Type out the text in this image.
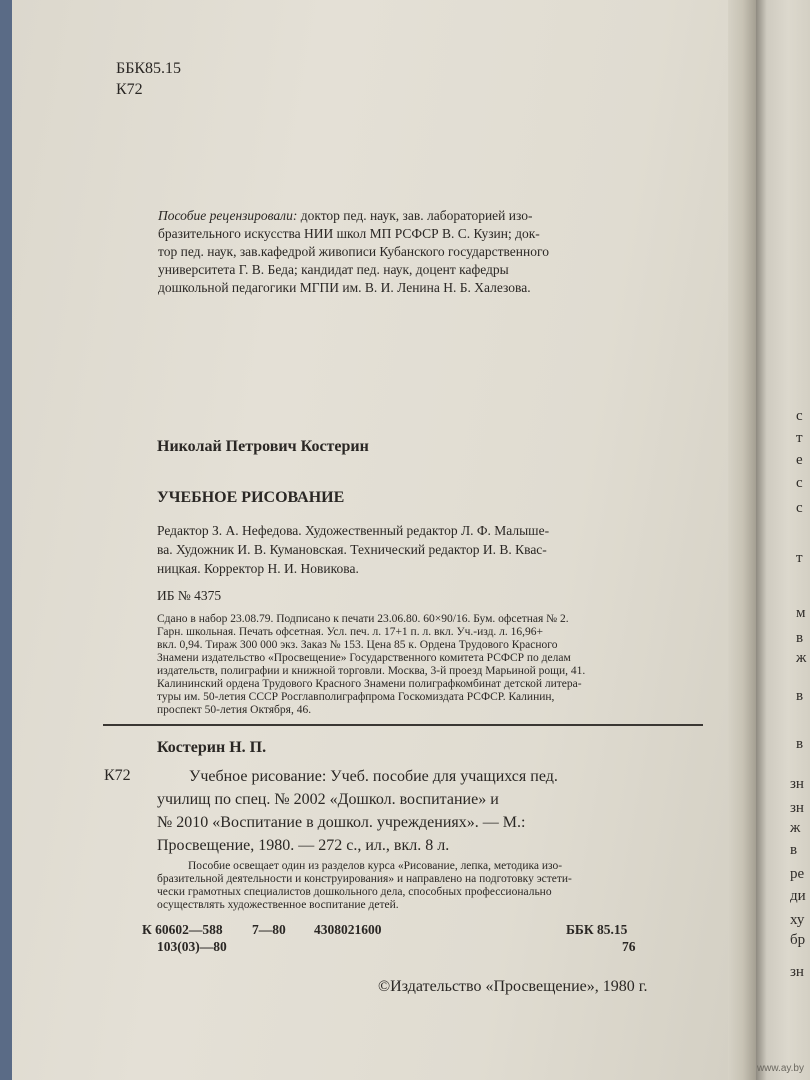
ББК85.15
К72
Пособие рецензировали: доктор пед. наук, зав. лабораторией изо-
бразительного искусства НИИ школ МП РСФСР В. С. Кузин; док-
тор пед. наук, зав.кафедрой живописи Кубанского государственного
университета Г. В. Беда; кандидат пед. наук, доцент кафедры
дошкольной педагогики МГПИ им. В. И. Ленина Н. Б. Халезова.
Николай Петрович Костерин
УЧЕБНОЕ РИСОВАНИЕ
Редактор З. А. Нефедова. Художественный редактор Л. Ф. Малыше-
ва. Художник И. В. Кумановская. Технический редактор И. В. Квас-
ницкая. Корректор Н. И. Новикова.
ИБ № 4375
Сдано в набор 23.08.79. Подписано к печати 23.06.80. 60×90/16. Бум. офсетная № 2.
Гарн. школьная. Печать офсетная. Усл. печ. л. 17+1 п. л. вкл. Уч.-изд. л. 16,96+
вкл. 0,94. Тираж 300 000 экз. Заказ № 153. Цена 85 к. Ордена Трудового Красного
Знамени издательство «Просвещение» Государственного комитета РСФСР по делам
издательств, полиграфии и книжной торговли. Москва, 3-й проезд Марьиной рощи, 41.
Калининский ордена Трудового Красного Знамени полиграфкомбинат детской литера-
туры им. 50-летия СССР Росглавполиграфпрома Госкомиздата РСФСР. Калинин,
проспект 50-летия Октября, 46.
Костерин Н. П.
К72	Учебное рисование: Учеб. пособие для учащихся пед.
училищ по спец. № 2002 «Дошкол. воспитание» и
№ 2010 «Воспитание в дошкол. учреждениях». — М.:
Просвещение, 1980. — 272 с., ил., вкл. 8 л.
Пособие освещает один из разделов курса «Рисование, лепка, методика изо-
бразительной деятельности и конструирования» и направлено на подготовку эстети-
чески грамотных специалистов дошкольного дела, способных профессионально
осуществлять художественное воспитание детей.
К 60602—588 7—80 4308021600
103(03)—80
ББК 85.15
76
©Издательство «Просвещение», 1980 г.
с
т
е
с
с
т
м
в
ж
в
в
зн
зн
ж
в
ре
ди
ху
бр
зн
www.ay.by
